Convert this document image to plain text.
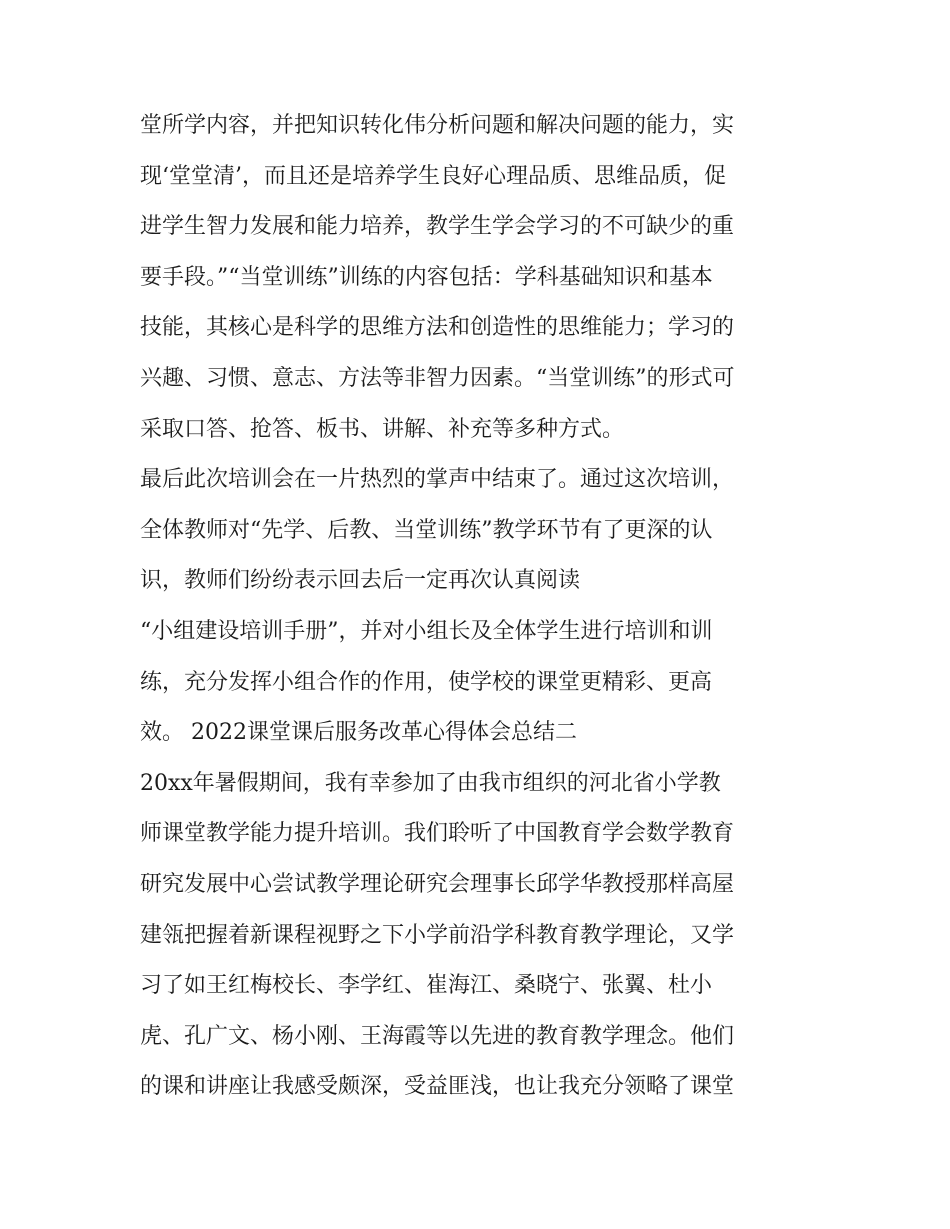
堂所学内容，并把知识转化伟分析问题和解决问题的能力，实
现‘堂堂清’，而且还是培养学生良好心理品质、思维品质，促
进学生智力发展和能力培养，教学生学会学习的不可缺少的重
要手段。”“当堂训练”训练的内容包括：学科基础知识和基本
技能，其核心是科学的思维方法和创造性的思维能力；学习的
兴趣、习惯、意志、方法等非智力因素。“当堂训练”的形式可
采取口答、抢答、板书、讲解、补充等多种方式。
最后此次培训会在一片热烈的掌声中结束了。通过这次培训，
全体教师对“先学、后教、当堂训练”教学环节有了更深的认
识，教师们纷纷表示回去后一定再次认真阅读
“小组建设培训手册”，并对小组长及全体学生进行培训和训
练，充分发挥小组合作的作用，使学校的课堂更精彩、更高
效。 2022课堂课后服务改革心得体会总结二
20xx年暑假期间，我有幸参加了由我市组织的河北省小学教
师课堂教学能力提升培训。我们聆听了中国教育学会数学教育
研究发展中心尝试教学理论研究会理事长邱学华教授那样高屋
建瓴把握着新课程视野之下小学前沿学科教育教学理论，又学
习了如王红梅校长、李学红、崔海江、桑晓宁、张翼、杜小
虎、孔广文、杨小刚、王海霞等以先进的教育教学理念。他们
的课和讲座让我感受颇深，受益匪浅，也让我充分领略了课堂
